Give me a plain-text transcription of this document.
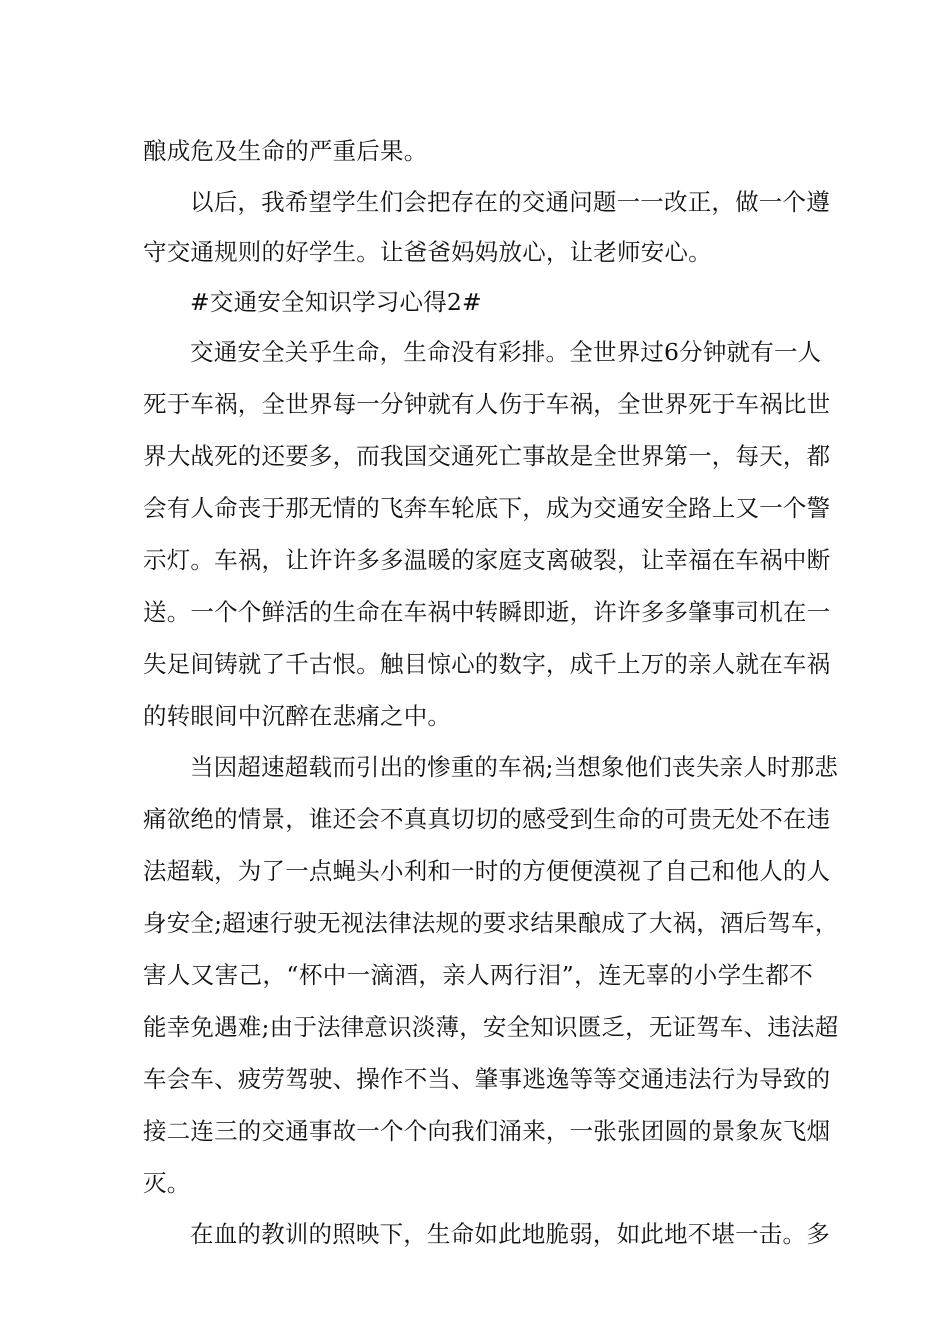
酿成危及生命的严重后果。
以后，我希望学生们会把存在的交通问题一一改正，做一个遵
守交通规则的好学生。让爸爸妈妈放心，让老师安心。
#交通安全知识学习心得2#
交通安全关乎生命，生命没有彩排。全世界过6分钟就有一人
死于车祸，全世界每一分钟就有人伤于车祸，全世界死于车祸比世
界大战死的还要多，而我国交通死亡事故是全世界第一，每天，都
会有人命丧于那无情的飞奔车轮底下，成为交通安全路上又一个警
示灯。车祸，让许许多多温暖的家庭支离破裂，让幸福在车祸中断
送。一个个鲜活的生命在车祸中转瞬即逝，许许多多肇事司机在一
失足间铸就了千古恨。触目惊心的数字，成千上万的亲人就在车祸
的转眼间中沉醉在悲痛之中。
当因超速超载而引出的惨重的车祸;当想象他们丧失亲人时那悲
痛欲绝的情景，谁还会不真真切切的感受到生命的可贵无处不在违
法超载，为了一点蝇头小利和一时的方便便漠视了自己和他人的人
身安全;超速行驶无视法律法规的要求结果酿成了大祸，酒后驾车，
害人又害己，“杯中一滴酒，亲人两行泪”，连无辜的小学生都不
能幸免遇难;由于法律意识淡薄，安全知识匮乏，无证驾车、违法超
车会车、疲劳驾驶、操作不当、肇事逃逸等等交通违法行为导致的
接二连三的交通事故一个个向我们涌来，一张张团圆的景象灰飞烟
灭。
在血的教训的照映下，生命如此地脆弱，如此地不堪一击。多
